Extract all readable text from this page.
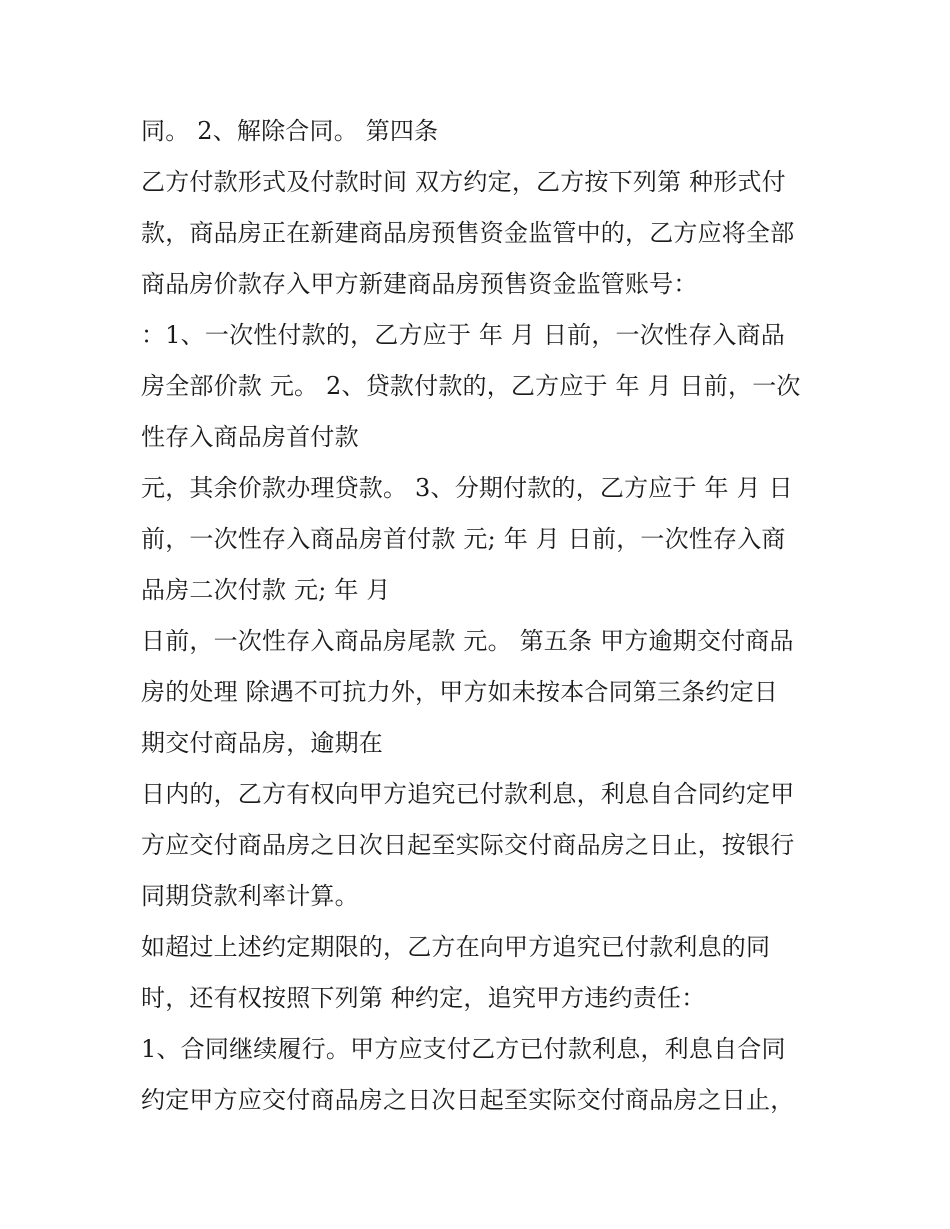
同。 2、解除合同。 第四条
乙方付款形式及付款时间 双方约定，乙方按下列第 种形式付
款，商品房正在新建商品房预售资金监管中的，乙方应将全部
商品房价款存入甲方新建商品房预售资金监管账号：
：1、一次性付款的，乙方应于 年 月 日前，一次性存入商品
房全部价款 元。 2、贷款付款的，乙方应于 年 月 日前，一次
性存入商品房首付款
元，其余价款办理贷款。 3、分期付款的，乙方应于 年 月 日
前，一次性存入商品房首付款 元; 年 月 日前，一次性存入商
品房二次付款 元; 年 月
日前，一次性存入商品房尾款 元。 第五条 甲方逾期交付商品
房的处理 除遇不可抗力外，甲方如未按本合同第三条约定日
期交付商品房，逾期在
日内的，乙方有权向甲方追究已付款利息，利息自合同约定甲
方应交付商品房之日次日起至实际交付商品房之日止，按银行
同期贷款利率计算。
如超过上述约定期限的，乙方在向甲方追究已付款利息的同
时，还有权按照下列第 种约定，追究甲方违约责任：
1、合同继续履行。甲方应支付乙方已付款利息，利息自合同
约定甲方应交付商品房之日次日起至实际交付商品房之日止，
